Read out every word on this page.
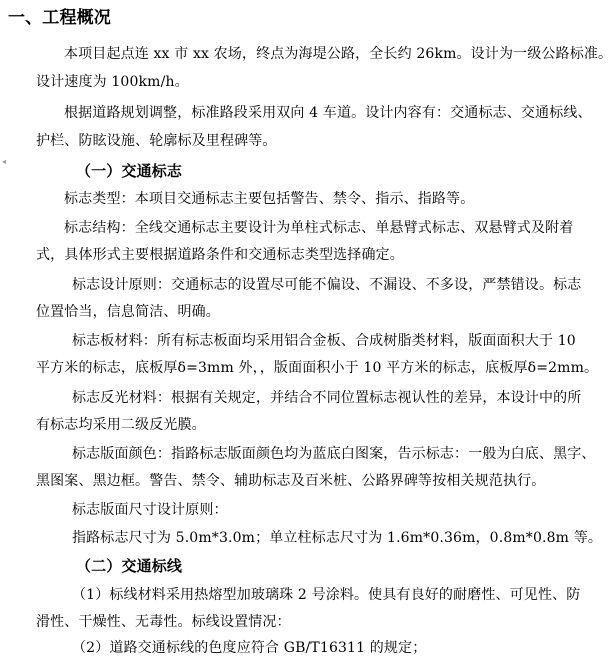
◂
一、工程概况
本项目起点连 xx 市 xx 农场，终点为海堤公路，全长约 26km。设计为一级公路标准。
设计速度为 100km/h。
根据道路规划调整，标准路段采用双向 4 车道。设计内容有：交通标志、交通标线、
护栏、防眩设施、轮廓标及里程碑等。
（一）交通标志
标志类型：本项目交通标志主要包括警告、禁令、指示、指路等。
标志结构：全线交通标志主要设计为单柱式标志、单悬臂式标志、双悬臂式及附着
式，具体形式主要根据道路条件和交通标志类型选择确定。
标志设计原则：交通标志的设置尽可能不偏设、不漏设、不多设，严禁错设。标志
位置恰当，信息简洁、明确。
标志板材料：所有标志板面均采用铝合金板、合成树脂类材料，版面面积大于 10
平方米的标志，底板厚δ=3mm 外，，版面面积小于 10 平方米的标志，底板厚δ=2mm。
标志反光材料：根据有关规定，并结合不同位置标志视认性的差异，本设计中的所
有标志均采用二级反光膜。
标志版面颜色：指路标志版面颜色均为蓝底白图案，告示标志：一般为白底、黑字、
黑图案、黑边框。警告、禁令、辅助标志及百米桩、公路界碑等按相关规范执行。
标志版面尺寸设计原则：
指路标志尺寸为 5.0m*3.0m；单立柱标志尺寸为 1.6m*0.36m，0.8m*0.8m 等。
（二）交通标线
（1）标线材料采用热熔型加玻璃珠 2 号涂料。使具有良好的耐磨性、可见性、防
滑性、干燥性、无毒性。标线设置情况：
（2）道路交通标线的色度应符合 GB/T16311 的规定；
